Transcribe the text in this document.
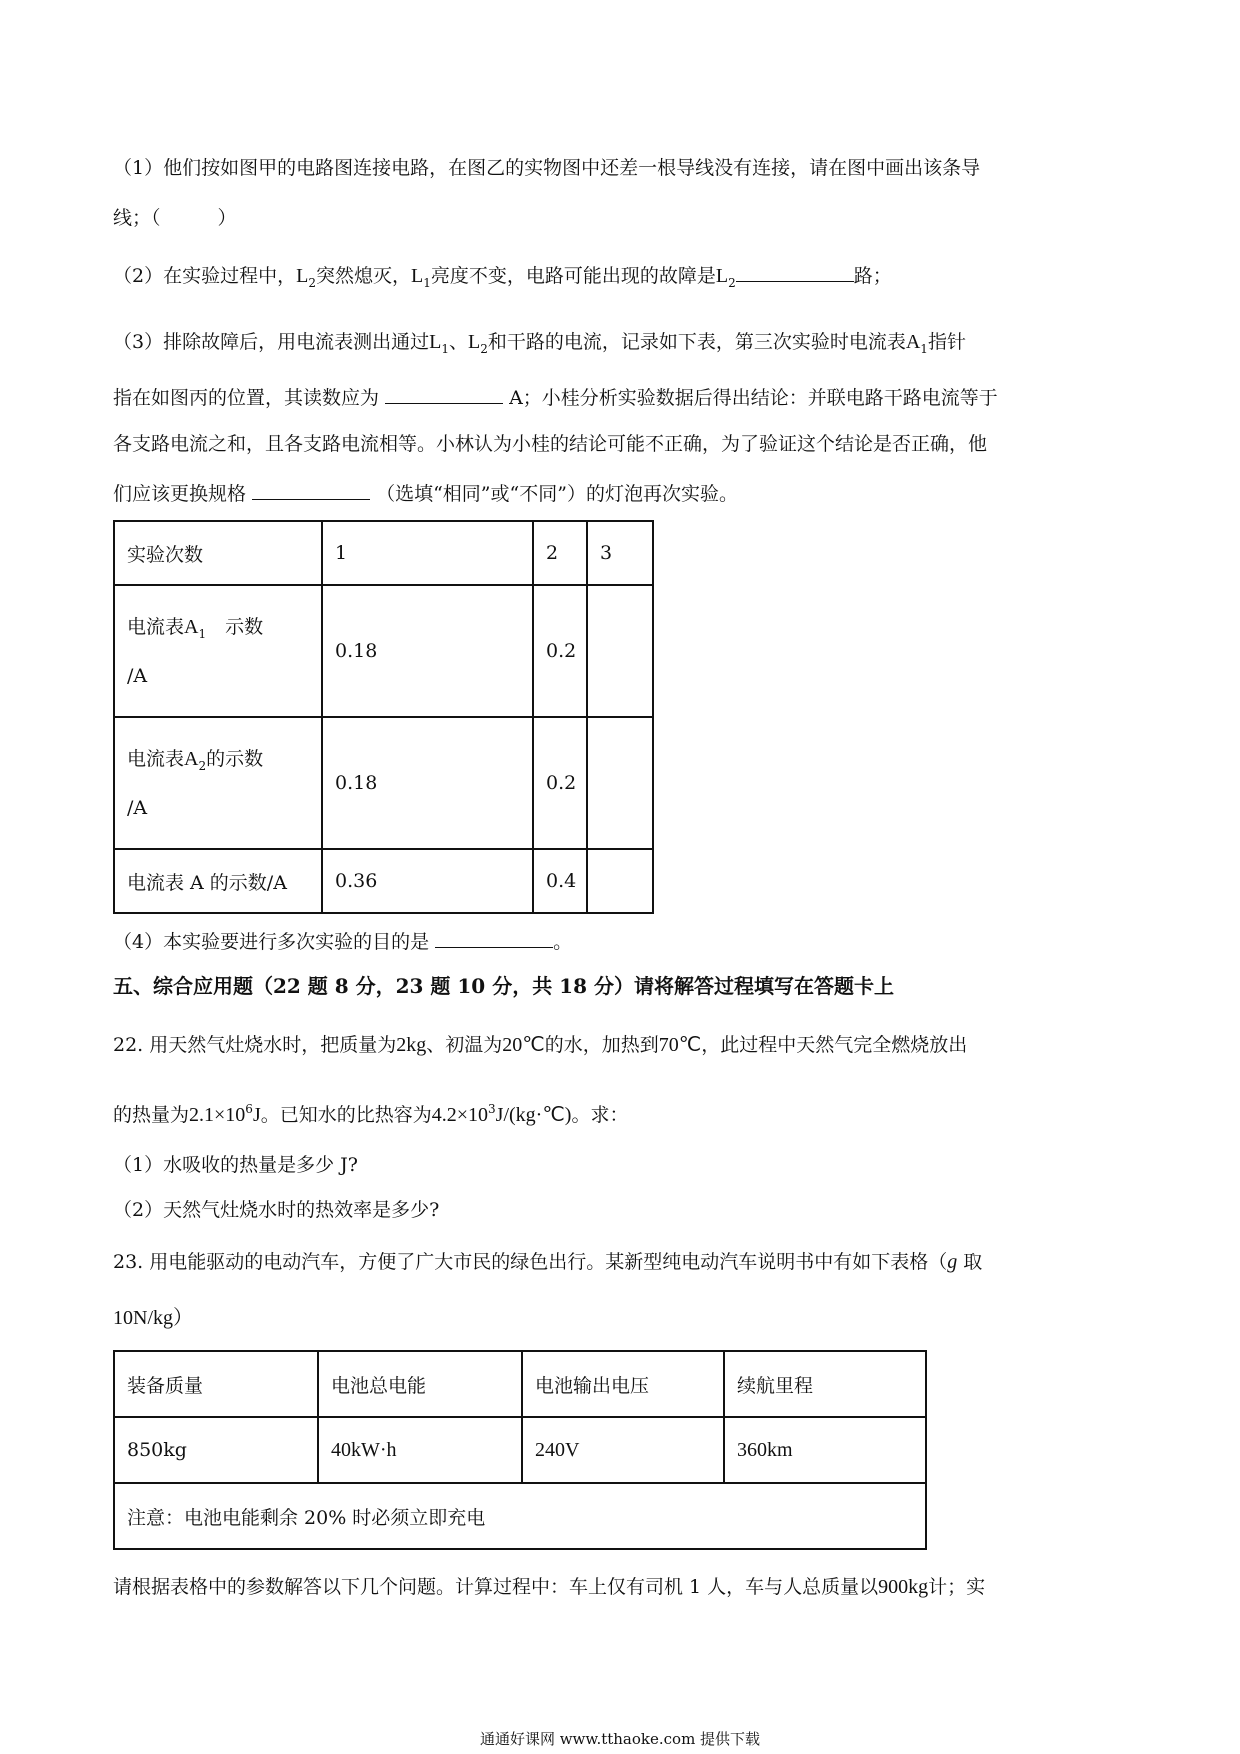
（1）他们按如图甲的电路图连接电路，在图乙的实物图中还差一根导线没有连接，请在图中画出该条导
线；（　　　）
（2）在实验过程中，$L_2$突然熄灭，$L_1$亮度不变，电路可能出现的故障是$L_2$	路；
（3）排除故障后，用电流表测出通过$L_1$、$L_2$和干路的电流，记录如下表，第三次实验时电流表$A_1$指针
指在如图丙的位置，其读数应为	A；小桂分析实验数据后得出结论：并联电路干路电流等于
各支路电流之和，且各支路电流相等。小林认为小桂的结论可能不正确，为了验证这个结论是否正确，他
们应该更换规格	（选填“相同”或“不同”）的灯泡再次实验。
实验次数	1	2	3
电流表$A_1$　示数
/A	0.18	0.2	
电流表$A_2$的示数
/A	0.18	0.2	
电流表 A 的示数/A	0.36	0.4	
（4）本实验要进行多次实验的目的是	。
五、综合应用题（22 题 8 分，23 题 10 分，共 18 分）请将解答过程填写在答题卡上
22. 用天然气灶烧水时，把质量为2kg、初温为20℃的水，加热到70℃，此过程中天然气完全燃烧放出
的热量为$2.1\times 10^6J$。已知水的比热容为$4.2\times 10^3J/(kg\cdot℃)$。求：
（1）水吸收的热量是多少 J?
（2）天然气灶烧水时的热效率是多少?
23. 用电能驱动的电动汽车，方便了广大市民的绿色出行。某新型纯电动汽车说明书中有如下表格（g 取
10N/kg）
装备质量	电池总电能	电池输出电压	续航里程
850kg	40kW·h	240V	360km
注意：电池电能剩余 20% 时必须立即充电			
请根据表格中的参数解答以下几个问题。计算过程中：车上仅有司机 1 人，车与人总质量以900kg计；实
通通好课网 www.tthaoke.com 提供下载
